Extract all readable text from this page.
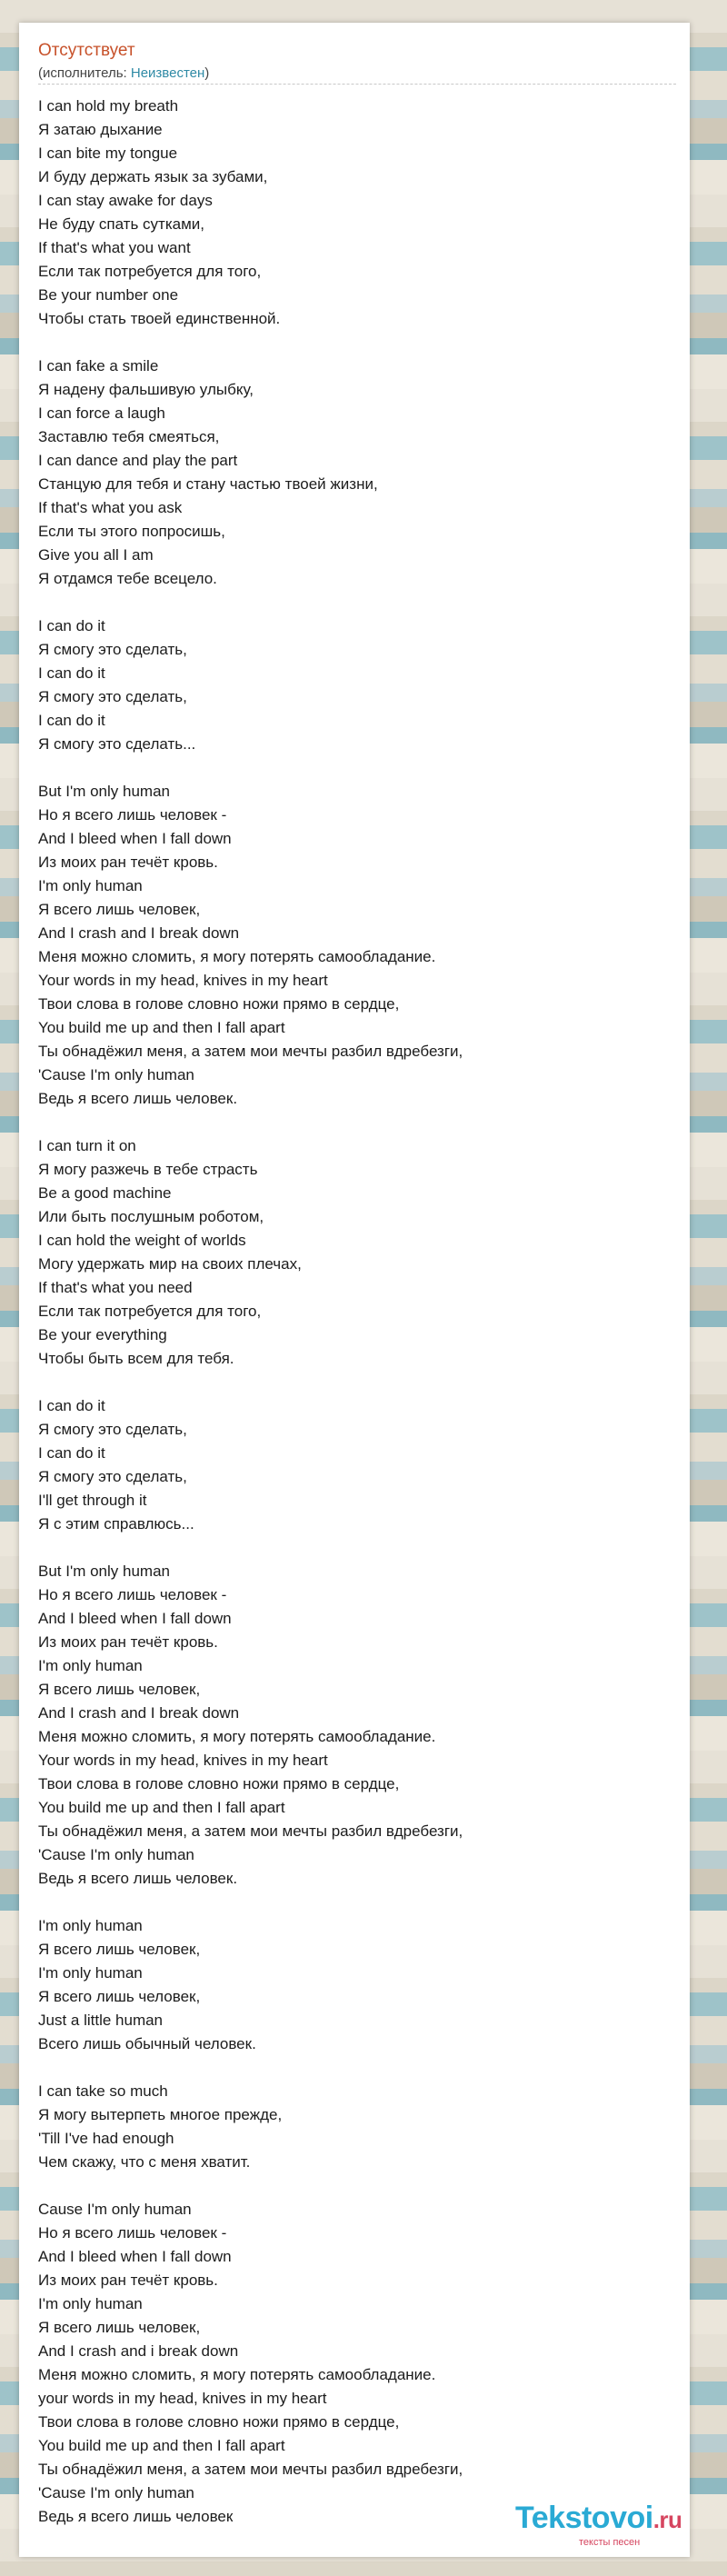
Отсутствует
(исполнитель: Неизвестен)
I can hold my breath
Я затаю дыхание
I can bite my tongue
И буду держать язык за зубами,
I can stay awake for days
Не буду спать сутками,
If that's what you want
Если так потребуется для того,
Be your number one
Чтобы стать твоей единственной.
I can fake a smile
Я надену фальшивую улыбку,
I can force a laugh
Заставлю тебя смеяться,
I can dance and play the part
Станцую для тебя и стану частью твоей жизни,
If that's what you ask
Если ты этого попросишь,
Give you all I am
Я отдамся тебе всецело.
I can do it
Я смогу это сделать,
I can do it
Я смогу это сделать,
I can do it
Я смогу это сделать...
But I'm only human
Но я всего лишь человек -
And I bleed when I fall down
Из моих ран течёт кровь.
I'm only human
Я всего лишь человек,
And I crash and I break down
Меня можно сломить, я могу потерять самообладание.
Your words in my head, knives in my heart
Твои слова в голове словно ножи прямо в сердце,
You build me up and then I fall apart
Ты обнадёжил меня, а затем мои мечты разбил вдребезги,
'Cause I'm only human
Ведь я всего лишь человек.
I can turn it on
Я могу разжечь в тебе страсть
Be a good machine
Или быть послушным роботом,
I can hold the weight of worlds
Могу удержать мир на своих плечах,
If that's what you need
Если так потребуется для того,
Be your everything
Чтобы быть всем для тебя.
I can do it
Я смогу это сделать,
I can do it
Я смогу это сделать,
I'll get through it
Я с этим справлюсь...
But I'm only human
Но я всего лишь человек -
And I bleed when I fall down
Из моих ран течёт кровь.
I'm only human
Я всего лишь человек,
And I crash and I break down
Меня можно сломить, я могу потерять самообладание.
Your words in my head, knives in my heart
Твои слова в голове словно ножи прямо в сердце,
You build me up and then I fall apart
Ты обнадёжил меня, а затем мои мечты разбил вдребезги,
'Cause I'm only human
Ведь я всего лишь человек.
I'm only human
Я всего лишь человек,
I'm only human
Я всего лишь человек,
Just a little human
Всего лишь обычный человек.
I can take so much
Я могу вытерпеть многое прежде,
'Till I've had enough
Чем скажу, что с меня хватит.
Cause I'm only human
Но я всего лишь человек -
And I bleed when I fall down
Из моих ран течёт кровь.
I'm only human
Я всего лишь человек,
And I crash and i break down
Меня можно сломить, я могу потерять самообладание.
your words in my head, knives in my heart
Твои слова в голове словно ножи прямо в сердце,
You build me up and then I fall apart
Ты обнадёжил меня, а затем мои мечты разбил вдребезги,
'Cause I'm only human
Ведь я всего лишь человек	Tekstovoi.ru
тексты песен
